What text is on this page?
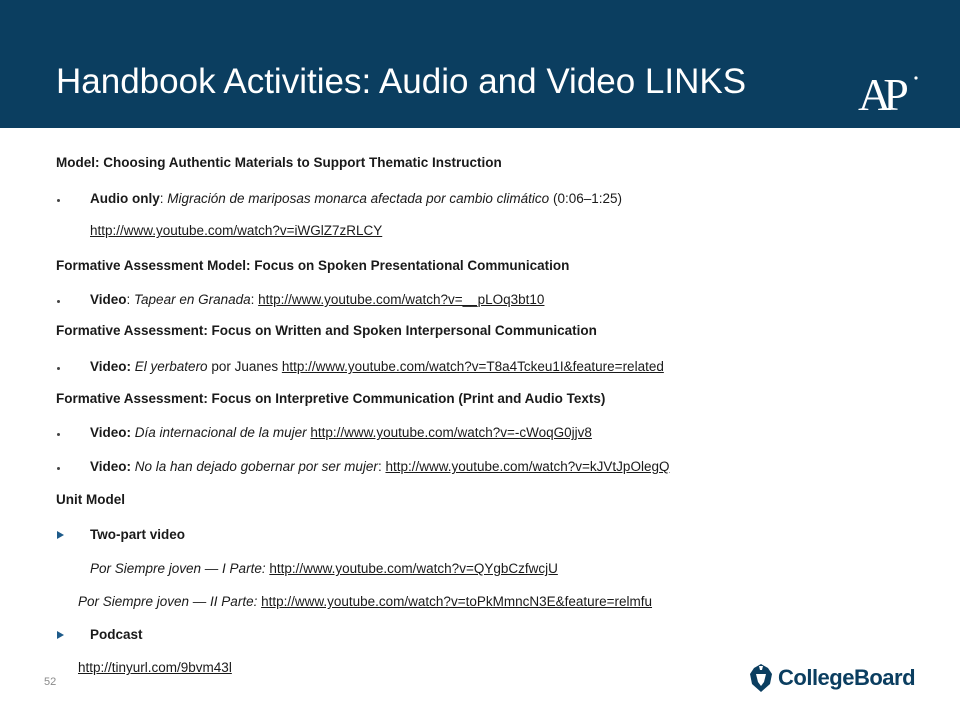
Handbook Activities: Audio and Video LINKS AP
Model: Choosing Authentic Materials to Support Thematic Instruction
Audio only: Migración de mariposas monarca afectada por cambio climático (0:06–1:25)
http://www.youtube.com/watch?v=iWGlZ7zRLCY
Formative Assessment Model: Focus on Spoken Presentational Communication
Video: Tapear en Granada: http://www.youtube.com/watch?v=__pLOq3bt10
Formative Assessment: Focus on Written and Spoken Interpersonal Communication
Video: El yerbatero por Juanes http://www.youtube.com/watch?v=T8a4Tckeu1I&feature=related
Formative Assessment: Focus on Interpretive Communication (Print and Audio Texts)
Video: Día internacional de la mujer http://www.youtube.com/watch?v=-cWoqG0jjv8
Video: No la han dejado gobernar por ser mujer: http://www.youtube.com/watch?v=kJVtJpOlegQ
Unit Model
Two-part video
Por Siempre joven — I Parte: http://www.youtube.com/watch?v=QYgbCzfwcjU
Por Siempre joven — II Parte: http://www.youtube.com/watch?v=toPkMmncN3E&feature=relmfu
Podcast
http://tinyurl.com/9bvm43l
52	CollegeBoard
